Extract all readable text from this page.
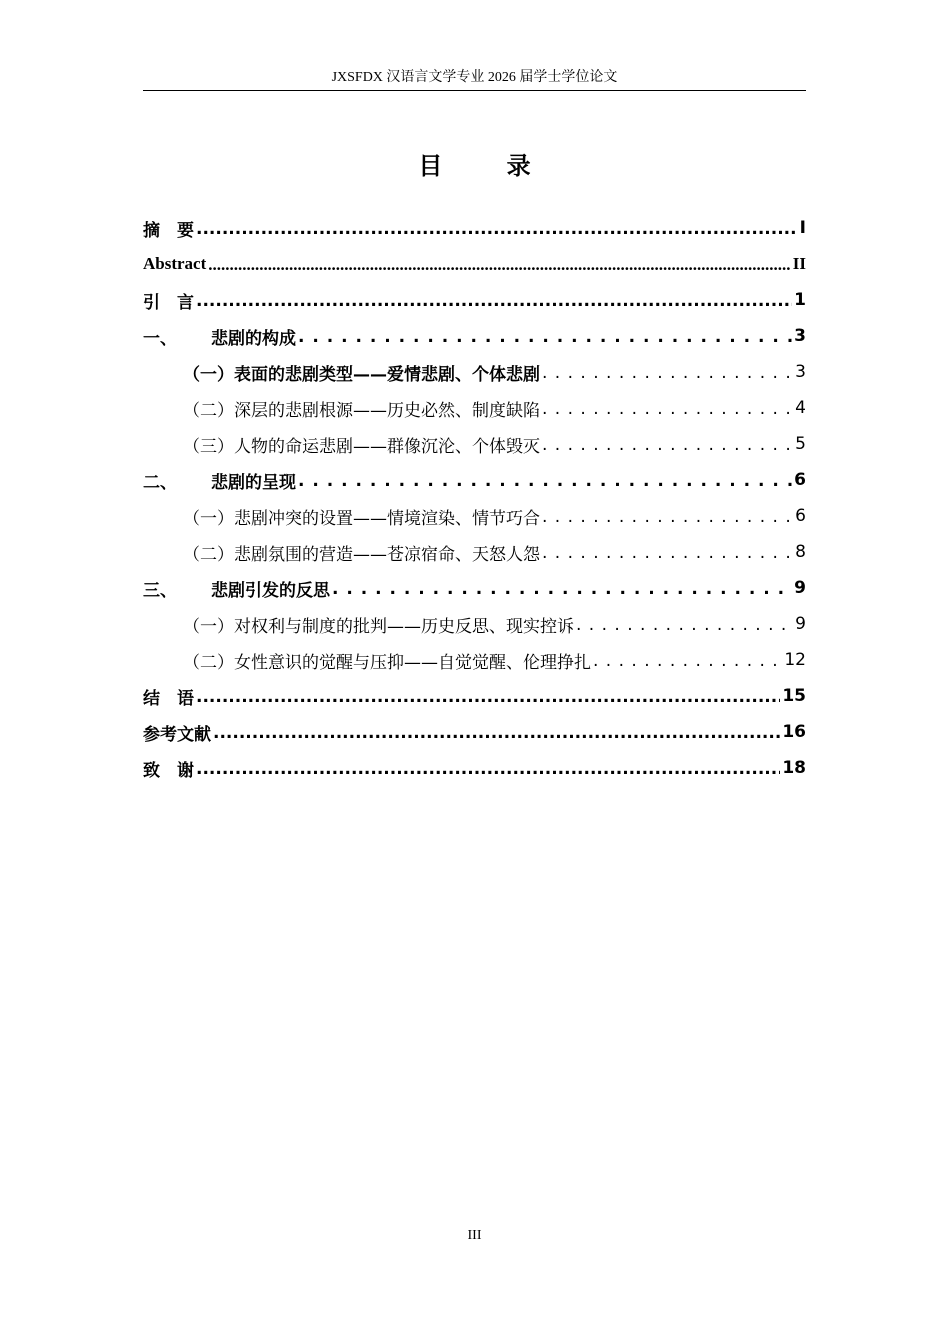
JXSFDX 汉语言文学专业 2026 届学士学位论文
目 录
摘　要 .....	I
Abstract .....	II
引　言 .....	1
一、	悲剧的构成 . . .	3
（一） 表面的悲剧类型——爱情悲剧、个体悲剧 . . .	3
（二） 深层的悲剧根源——历史必然、制度缺陷 . . .	4
（三） 人物的命运悲剧——群像沉沦、个体毁灭 . . .	5
二、	悲剧的呈现 . . .	6
（一） 悲剧冲突的设置——情境渲染、情节巧合 . . .	6
（二） 悲剧氛围的营造——苍凉宿命、天怒人怨 . . .	8
三、	悲剧引发的反思 . . .	9
（一） 对权利与制度的批判——历史反思、现实控诉 . . .	9
（二） 女性意识的觉醒与压抑——自觉觉醒、伦理挣扎 . . .	12
结　语 .....	15
参考文献 .....	16
致　谢 .....	18
III
